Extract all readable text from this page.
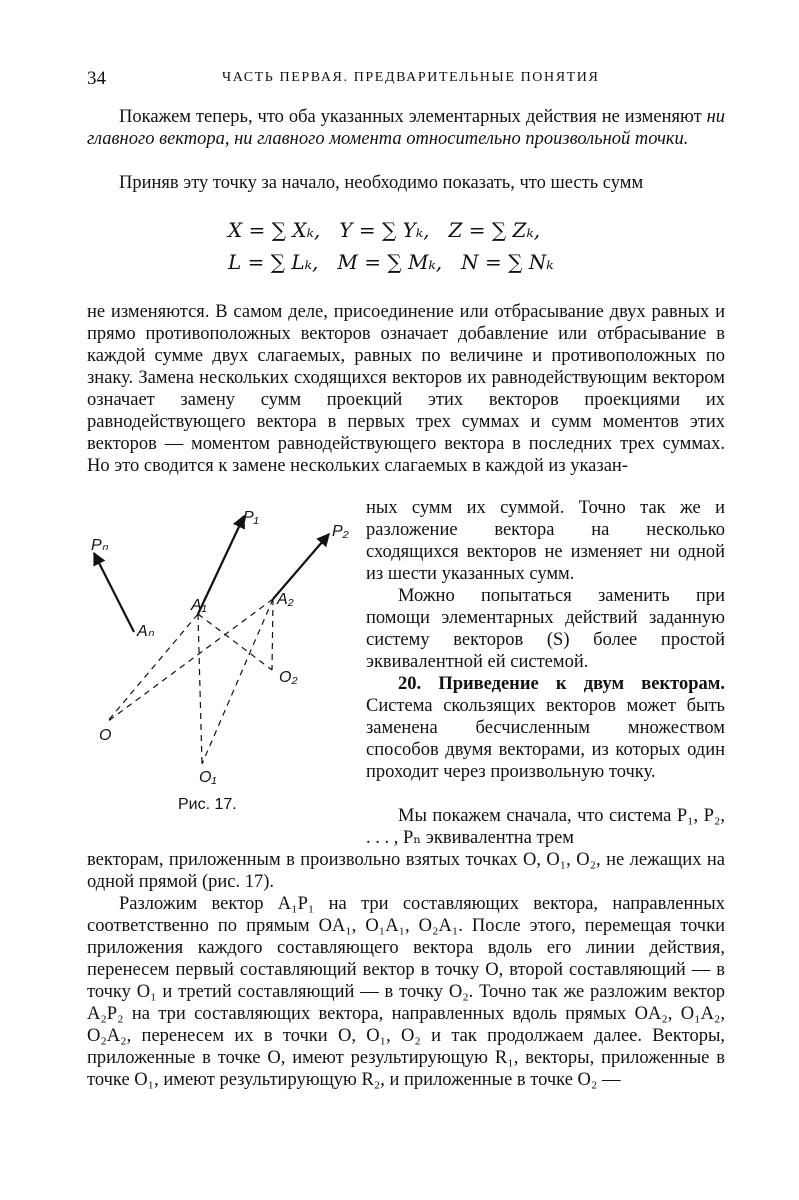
34	ЧАСТЬ ПЕРВАЯ. ПРЕДВАРИТЕЛЬНЫЕ ПОНЯТИЯ

Покажем теперь, что оба указанных элементарных действия не изменяют ни главного вектора, ни главного момента относительно произвольной точки.

Приняв эту точку за начало, необходимо показать, что шесть сумм

X = ∑ Xₖ,   Y = ∑ Yₖ,   Z = ∑ Zₖ,
L = ∑ Lₖ,   M = ∑ Mₖ,   N = ∑ Nₖ

не изменяются. В самом деле, присоединение или отбрасывание двух равных и прямо противоположных векторов означает добавление или отбрасывание в каждой сумме двух слагаемых, равных по величине и противоположных по знаку. Замена нескольких сходящихся векторов их равнодействующим вектором означает замену сумм проекций этих векторов проекциями их равнодействующего вектора в первых трех суммах и сумм моментов этих векторов — моментом равнодействующего вектора в последних трех суммах. Но это сводится к замене нескольких слагаемых в каждой из указан-

ных сумм их суммой. Точно так же и разложение вектора на несколько сходящихся векторов не изменяет ни одной из шести указанных сумм.

Можно попытаться заменить при помощи элементарных действий заданную систему векторов (S) более простой эквивалентной ей системой.

20. Приведение к двум векторам. Система скользящих векторов может быть заменена бесчисленным множеством способов двумя векторами, из которых один проходит через произвольную точку.

Мы покажем сначала, что система P₁, P₂, . . . , Pₙ эквивалентна трем

векторам, приложенным в произвольно взятых точках O, O₁, O₂, не лежащих на одной прямой (рис. 17).

Разложим вектор A₁P₁ на три составляющих вектора, направленных соответственно по прямым OA₁, O₁A₁, O₂A₁. После этого, перемещая точки приложения каждого составляющего вектора вдоль его линии действия, перенесем первый составляющий вектор в точку O, второй составляющий — в точку O₁ и третий составляющий — в точку O₂. Точно так же разложим вектор A₂P₂ на три составляющих вектора, направленных вдоль прямых OA₂, O₁A₂, O₂A₂, перенесем их в точки O, O₁, O₂ и так продолжаем далее. Векторы, приложенные в точке O, имеют результирующую R₁, векторы, приложенные в точке O₁, имеют результирующую R₂, и приложенные в точке O₂ —

P₁
P₂
Pₙ
A₁	A₂
Aₙ
O
O₁
O₂
Рис. 17.
